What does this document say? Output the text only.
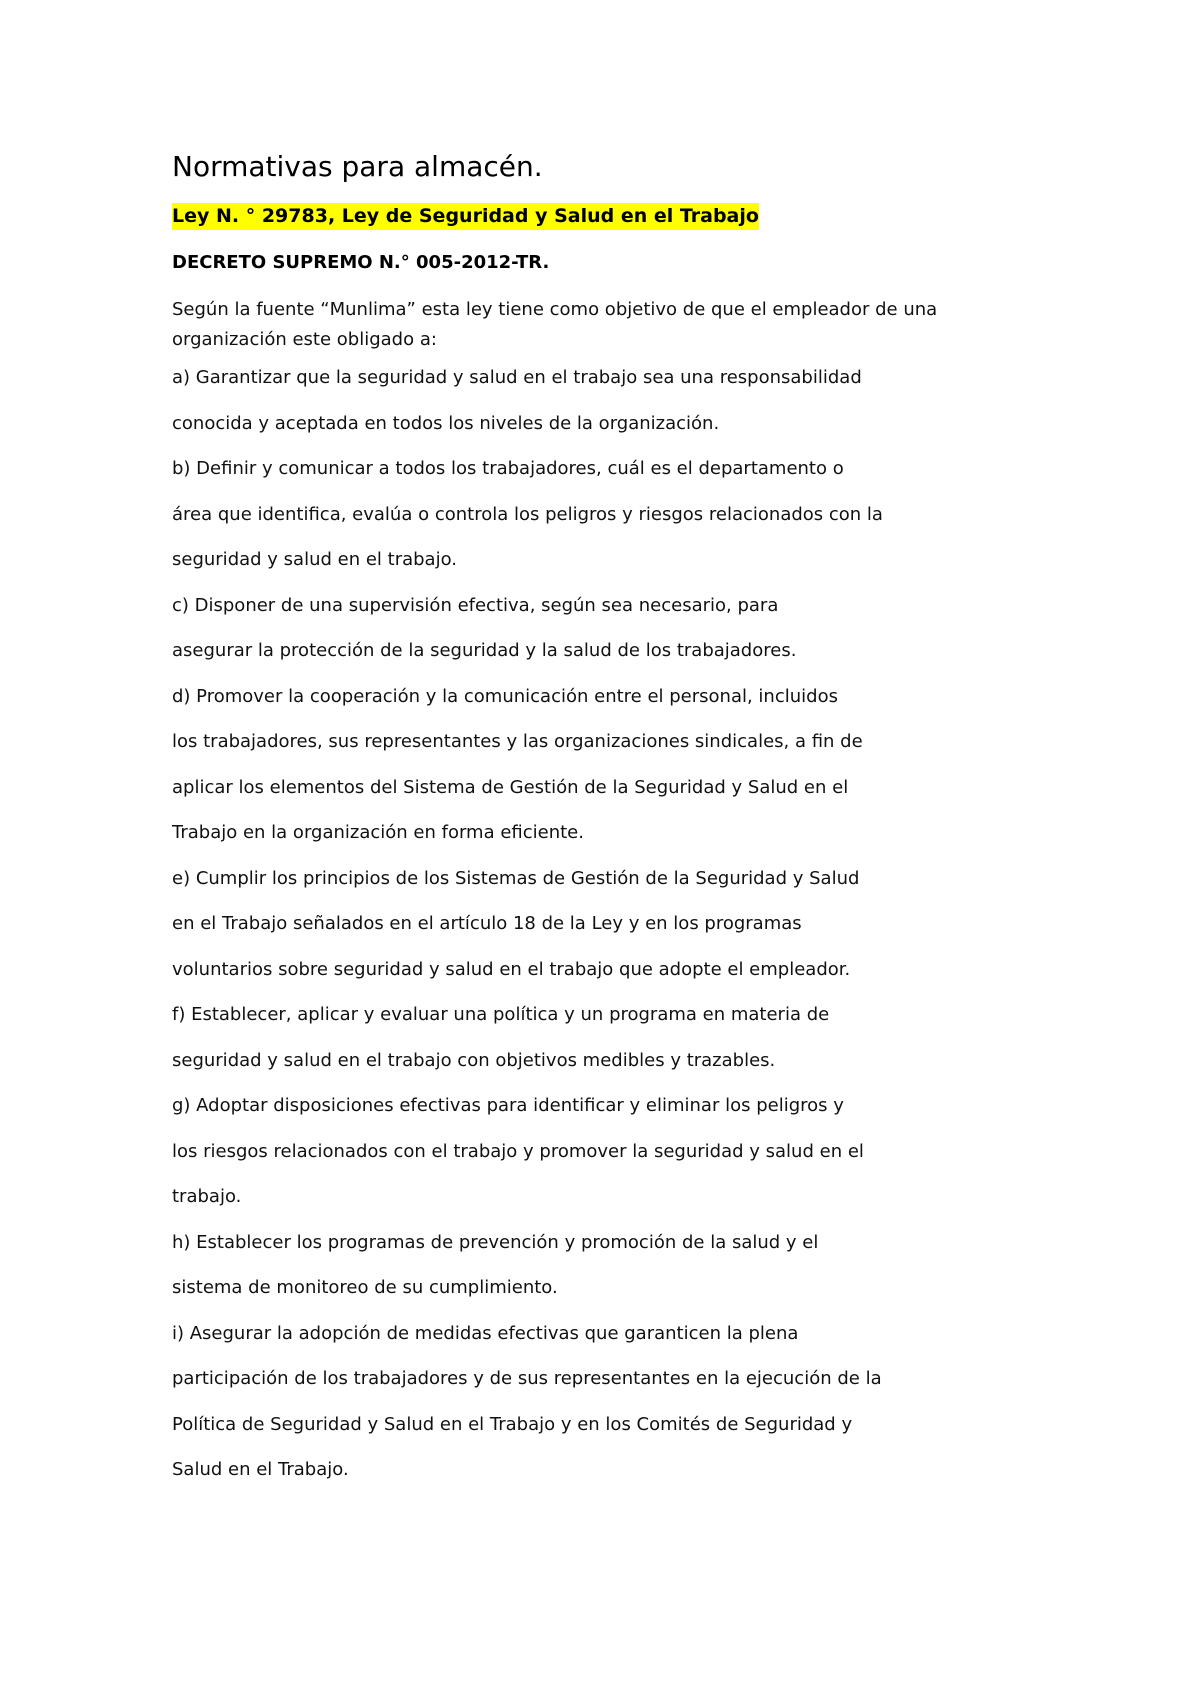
Normativas para almacén.
Ley N. ° 29783, Ley de Seguridad y Salud en el Trabajo
DECRETO SUPREMO N.° 005-2012-TR.
Según la fuente “Munlima” esta ley tiene como objetivo de que el empleador de una
organización este obligado a:
a) Garantizar que la seguridad y salud en el trabajo sea una responsabilidad
conocida y aceptada en todos los niveles de la organización.
b) Definir y comunicar a todos los trabajadores, cuál es el departamento o
área que identifica, evalúa o controla los peligros y riesgos relacionados con la
seguridad y salud en el trabajo.
c) Disponer de una supervisión efectiva, según sea necesario, para
asegurar la protección de la seguridad y la salud de los trabajadores.
d) Promover la cooperación y la comunicación entre el personal, incluidos
los trabajadores, sus representantes y las organizaciones sindicales, a fin de
aplicar los elementos del Sistema de Gestión de la Seguridad y Salud en el
Trabajo en la organización en forma eficiente.
e) Cumplir los principios de los Sistemas de Gestión de la Seguridad y Salud
en el Trabajo señalados en el artículo 18 de la Ley y en los programas
voluntarios sobre seguridad y salud en el trabajo que adopte el empleador.
f) Establecer, aplicar y evaluar una política y un programa en materia de
seguridad y salud en el trabajo con objetivos medibles y trazables.
g) Adoptar disposiciones efectivas para identificar y eliminar los peligros y
los riesgos relacionados con el trabajo y promover la seguridad y salud en el
trabajo.
h) Establecer los programas de prevención y promoción de la salud y el
sistema de monitoreo de su cumplimiento.
i) Asegurar la adopción de medidas efectivas que garanticen la plena
participación de los trabajadores y de sus representantes en la ejecución de la
Política de Seguridad y Salud en el Trabajo y en los Comités de Seguridad y
Salud en el Trabajo.
